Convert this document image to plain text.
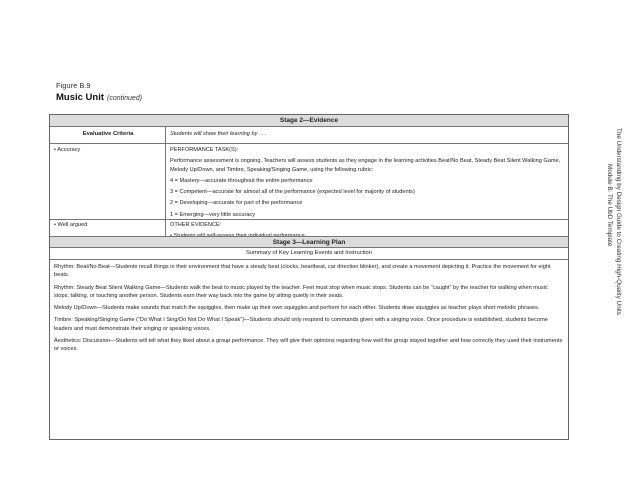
Figure B.9
Music Unit (continued)
Stage 2—Evidence
Evaluative Criteria	Students will show their learning by . . .
• Accuracy	PERFORMANCE TASK(S):
Performance assessment is ongoing. Teachers will assess students as they engage in the learning activities Beat/No Beat, Steady Beat Silent Walking Game, Melody Up/Down, and Timbre, Speaking/Singing Game, using the following rubric:
4 = Mastery—accurate throughout the entire performance
3 = Competent—accurate for almost all of the performance (expected level for majority of students)
2 = Developing—accurate for part of the performance
1 = Emerging—very little accuracy
• Well argued	OTHER EVIDENCE:
Stage 3—Learning Plan
Summary of Key Learning Events and Instruction
Rhythm: Beat/No Beat—Students recall things in their environment that have a steady beat (clocks, heartbeat, car direction blinker), and create a movement depicting it. Practice the movement for eight beats.
Rhythm: Steady Beat Silent Walking Game—Students walk the beat to music played by the teacher. Feet must stop when music stops. Students can be “caught” by the teacher for walking when music stops, talking, or touching another person. Students earn their way back into the game by sitting quietly in their seats.
Melody Up/Down—Students make sounds that match the squiggles, then make up their own squiggles and perform for each other. Students draw squiggles as teacher plays short melodic phrases.
Timbre: Speaking/Singing Game (“Do What I Sing/Do Not Do What I Speak”)—Students should only respond to commands given with a singing voice. Once procedure is established, students become leaders and must demonstrate their singing or speaking voices.
Aesthetics: Discussion—Students will tell what they liked about a group performance. They will give their opinions regarding how well the group stayed together and how correctly they used their instruments or voices.
The Understanding by Design Guide to Creating High-Quality Units
Module B: The UbD Template
